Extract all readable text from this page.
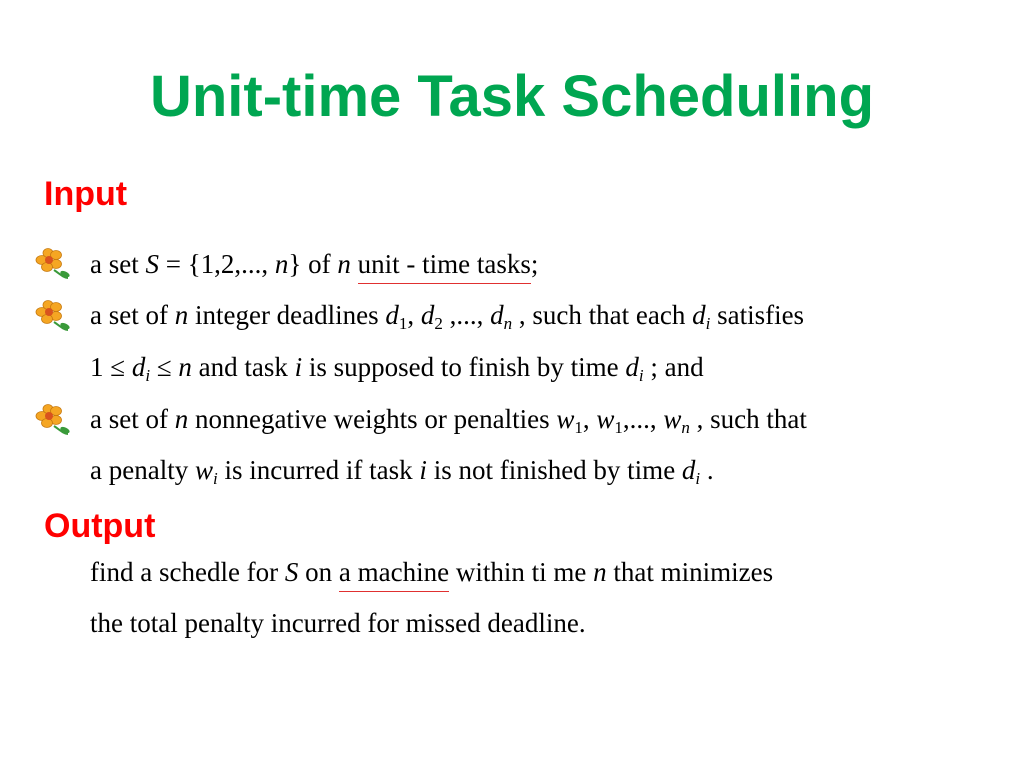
Unit-time Task Scheduling
Input
a set S = {1,2,..., n} of n unit - time tasks;
a set of n integer deadlines $d_1$, $d_2$ ,..., $d_n$ , such that each $d_i$ satisfies
$1 \le d_i \le n$ and task i is supposed to finish by time $d_i$ ; and
a set of n nonnegative weights or penalties $w_1$, $w_1$,..., $w_n$ , such that
a penalty $w_i$ is incurred if task i is not finished by time $d_i$ .
Output
find a schedle for S on a machine within ti me n that minimizes
the total penalty incurred for missed deadline.
